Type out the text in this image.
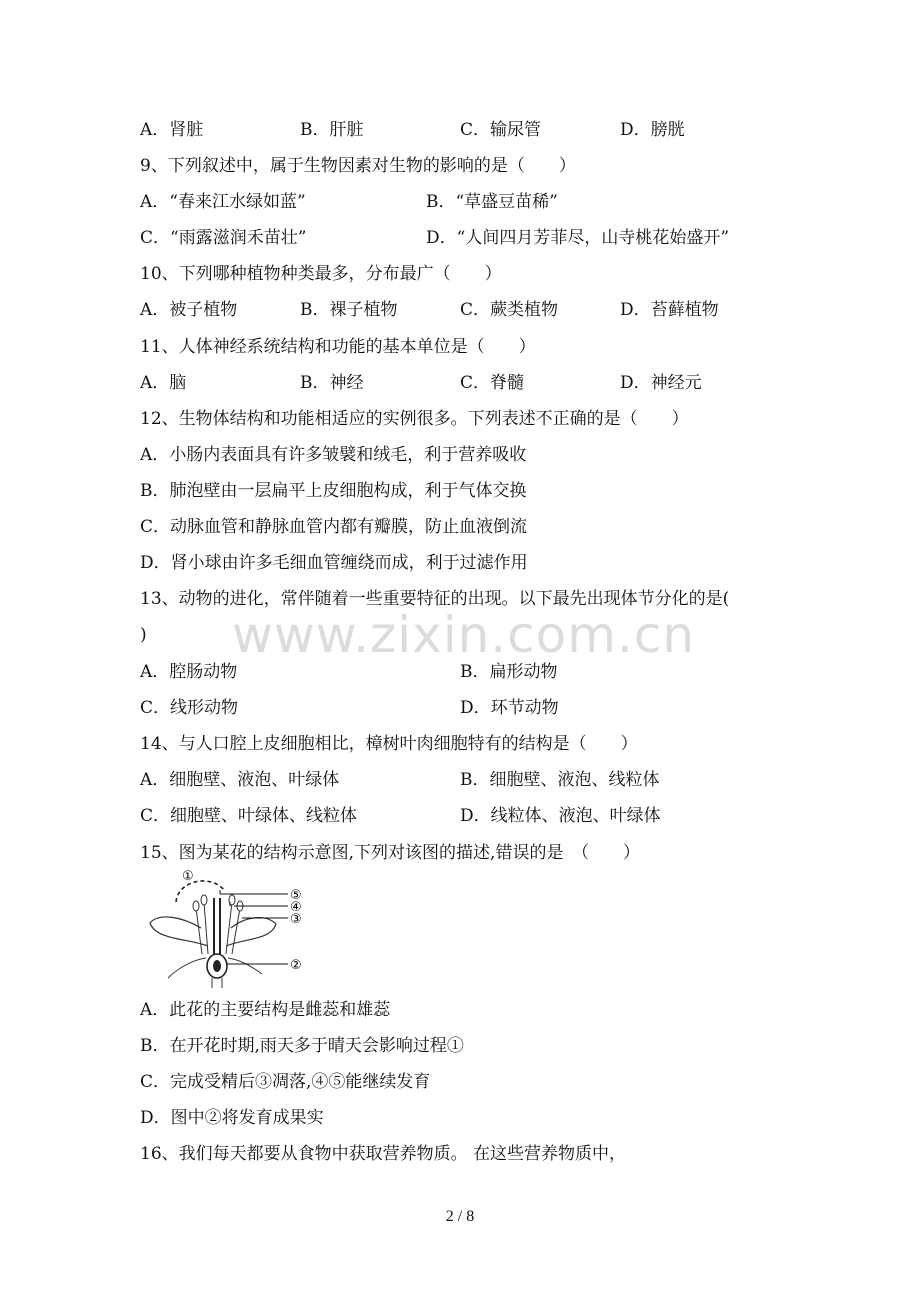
www.zixin.com.cn
A．肾脏	B．肝脏	C．输尿管	D．膀胱
9、下列叙述中，属于生物因素对生物的影响的是（　　）
A．“春来江水绿如蓝”	B．“草盛豆苗稀”
C．“雨露滋润禾苗壮”	D．“人间四月芳菲尽，山寺桃花始盛开”
10、下列哪种植物种类最多，分布最广（　　）
A．被子植物	B．裸子植物	C．蕨类植物	D．苔藓植物
11、人体神经系统结构和功能的基本单位是（　　）
A．脑	B．神经	C．脊髓	D．神经元
12、生物体结构和功能相适应的实例很多。下列表述不正确的是（　　）
A．小肠内表面具有许多皱襞和绒毛，利于营养吸收
B．肺泡壁由一层扁平上皮细胞构成，利于气体交换
C．动脉血管和静脉血管内都有瓣膜，防止血液倒流
D．肾小球由许多毛细血管缠绕而成，利于过滤作用
13、动物的进化，常伴随着一些重要特征的出现。以下最先出现体节分化的是(
)
A．腔肠动物	B．扁形动物
C．线形动物	D．环节动物
14、与人口腔上皮细胞相比，樟树叶肉细胞特有的结构是（　　）
A．细胞壁、液泡、叶绿体	B．细胞壁、液泡、线粒体
C．细胞壁、叶绿体、线粒体	D．线粒体、液泡、叶绿体
15、图为某花的结构示意图,下列对该图的描述,错误的是　（　　）
①
⑤
④
③
②
A．此花的主要结构是雌蕊和雄蕊
B．在开花时期,雨天多于晴天会影响过程①
C．完成受精后③凋落,④⑤能继续发育
D．图中②将发育成果实
16、我们每天都要从食物中获取营养物质。 在这些营养物质中，
2 / 8
